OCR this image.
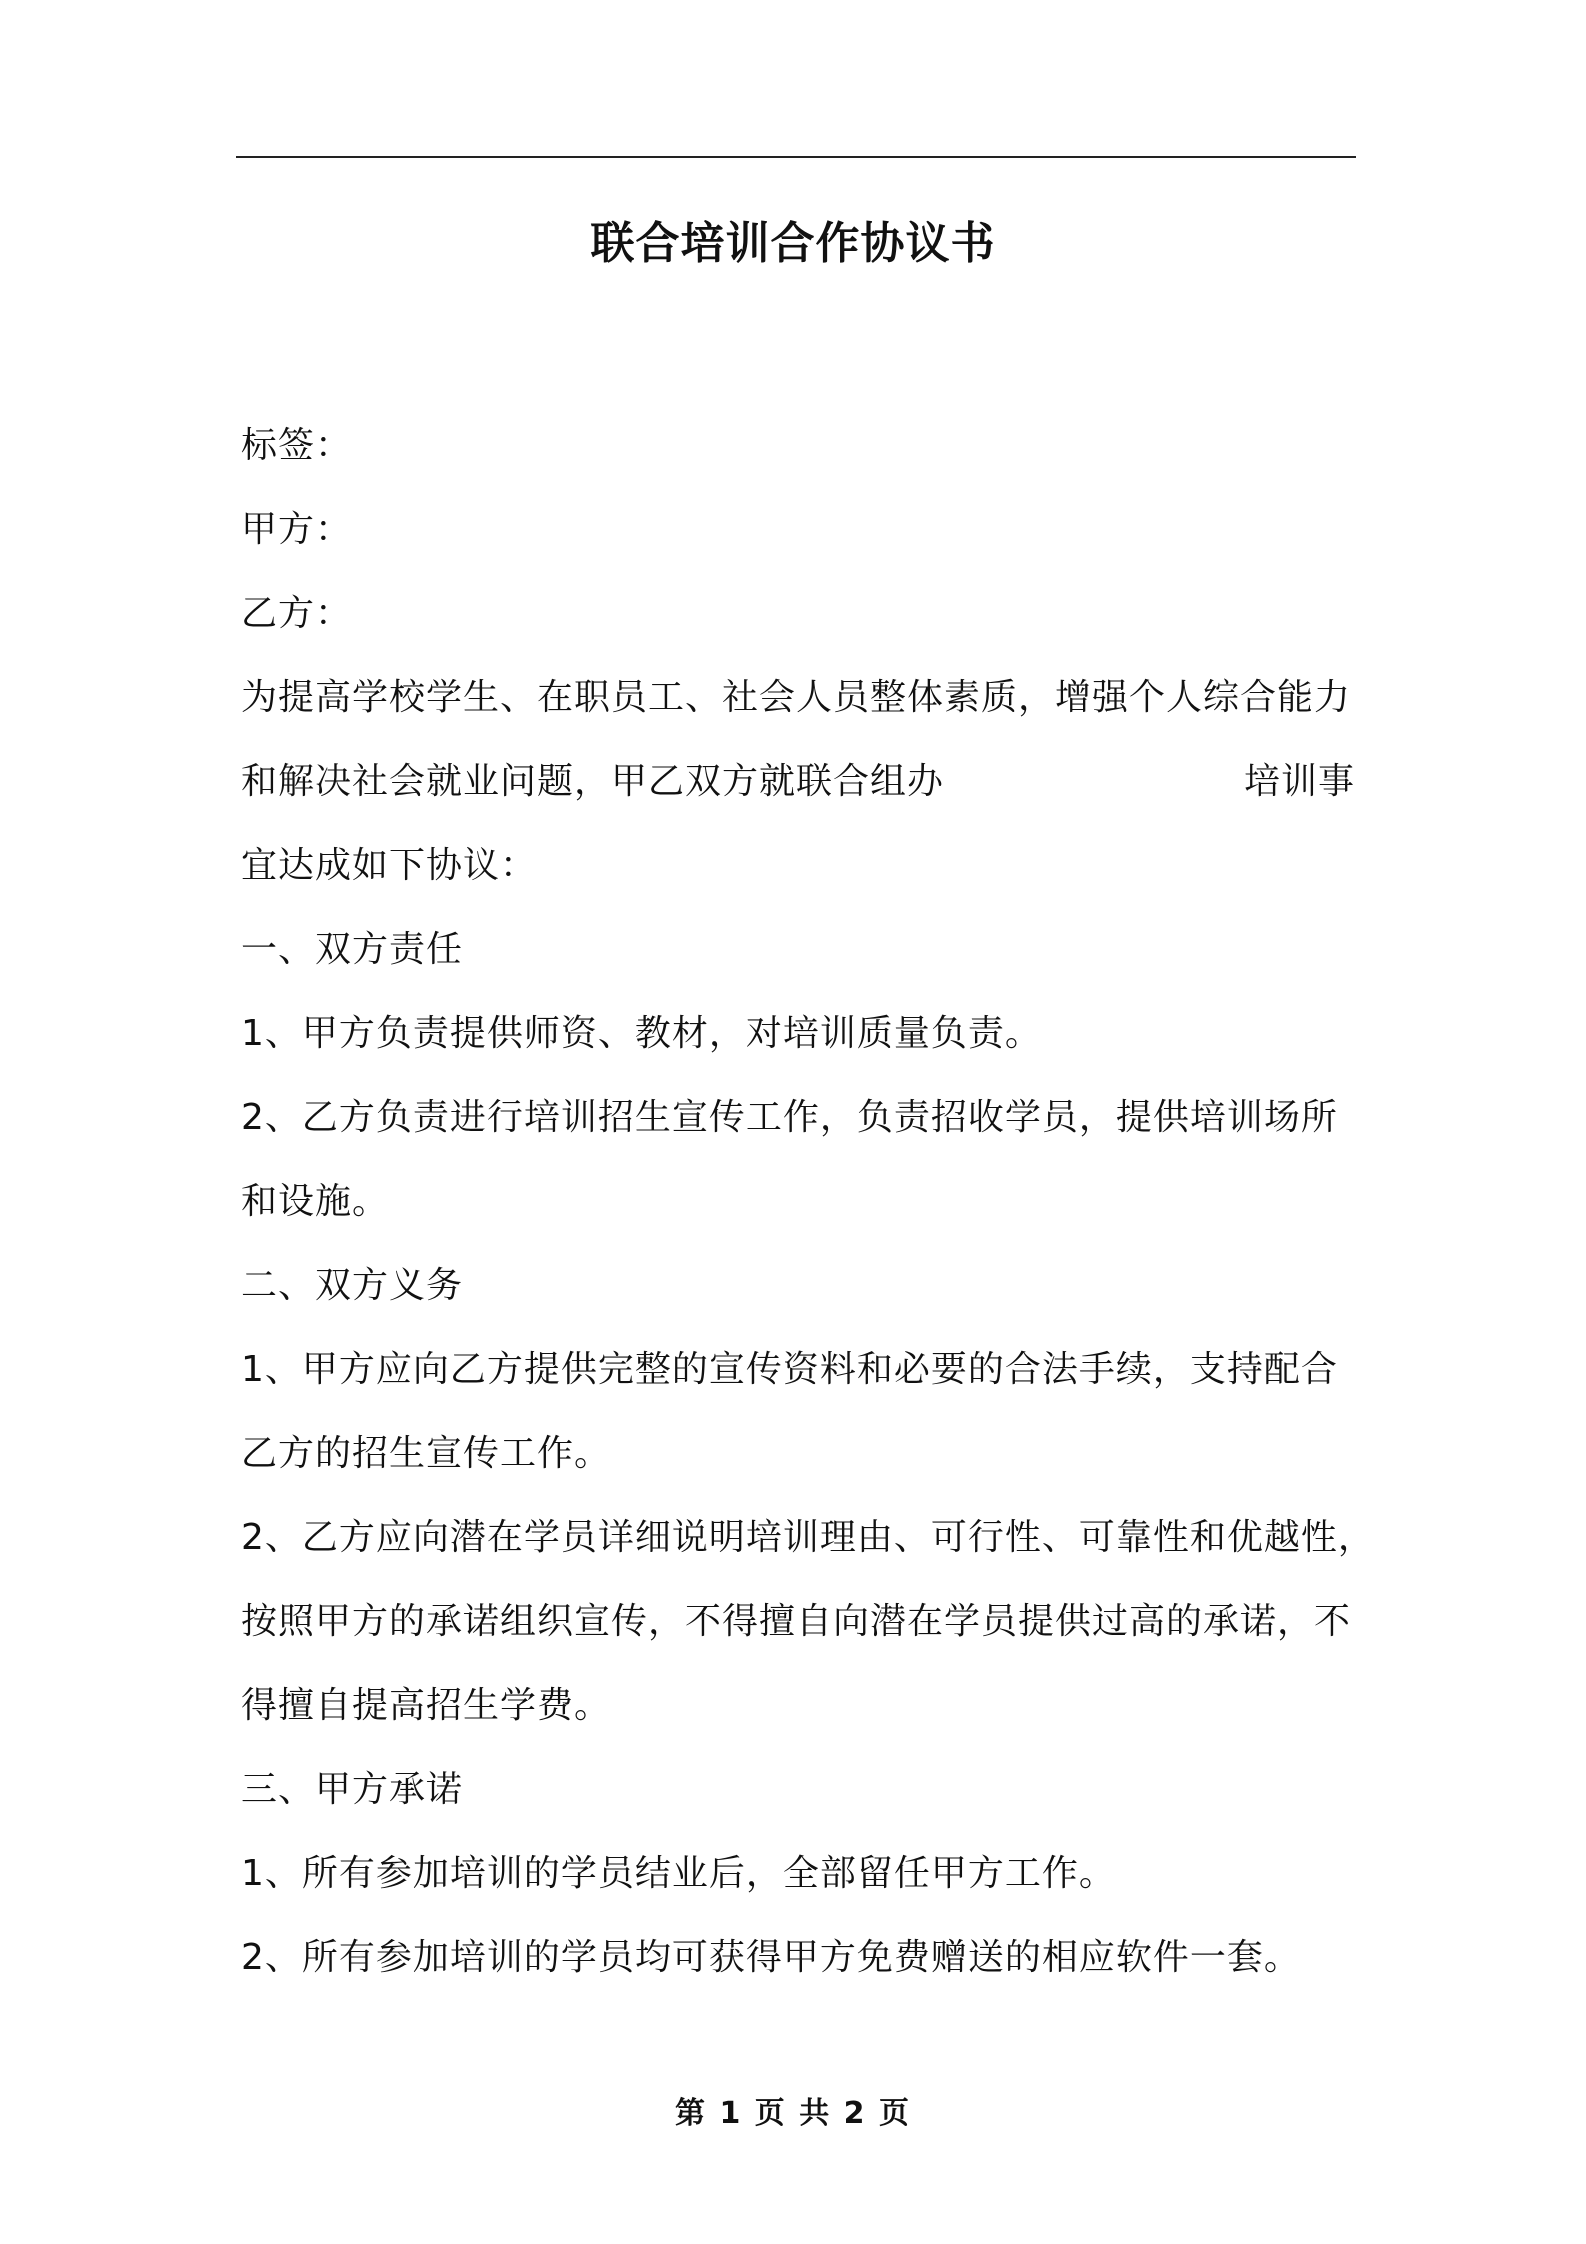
联合培训合作协议书
标签：
甲方：
乙方：
为提高学校学生、在职员工、社会人员整体素质，增强个人综合能力
和解决社会就业问题，甲乙双方就联合组办	培训事
宜达成如下协议：
一、双方责任
1、甲方负责提供师资、教材，对培训质量负责。
2、乙方负责进行培训招生宣传工作，负责招收学员，提供培训场所
和设施。
二、双方义务
1、甲方应向乙方提供完整的宣传资料和必要的合法手续，支持配合
乙方的招生宣传工作。
2、乙方应向潜在学员详细说明培训理由、可行性、可靠性和优越性，
按照甲方的承诺组织宣传，不得擅自向潜在学员提供过高的承诺，不
得擅自提高招生学费。
三、甲方承诺
1、所有参加培训的学员结业后，全部留任甲方工作。
2、所有参加培训的学员均可获得甲方免费赠送的相应软件一套。
第 1 页 共 2 页
